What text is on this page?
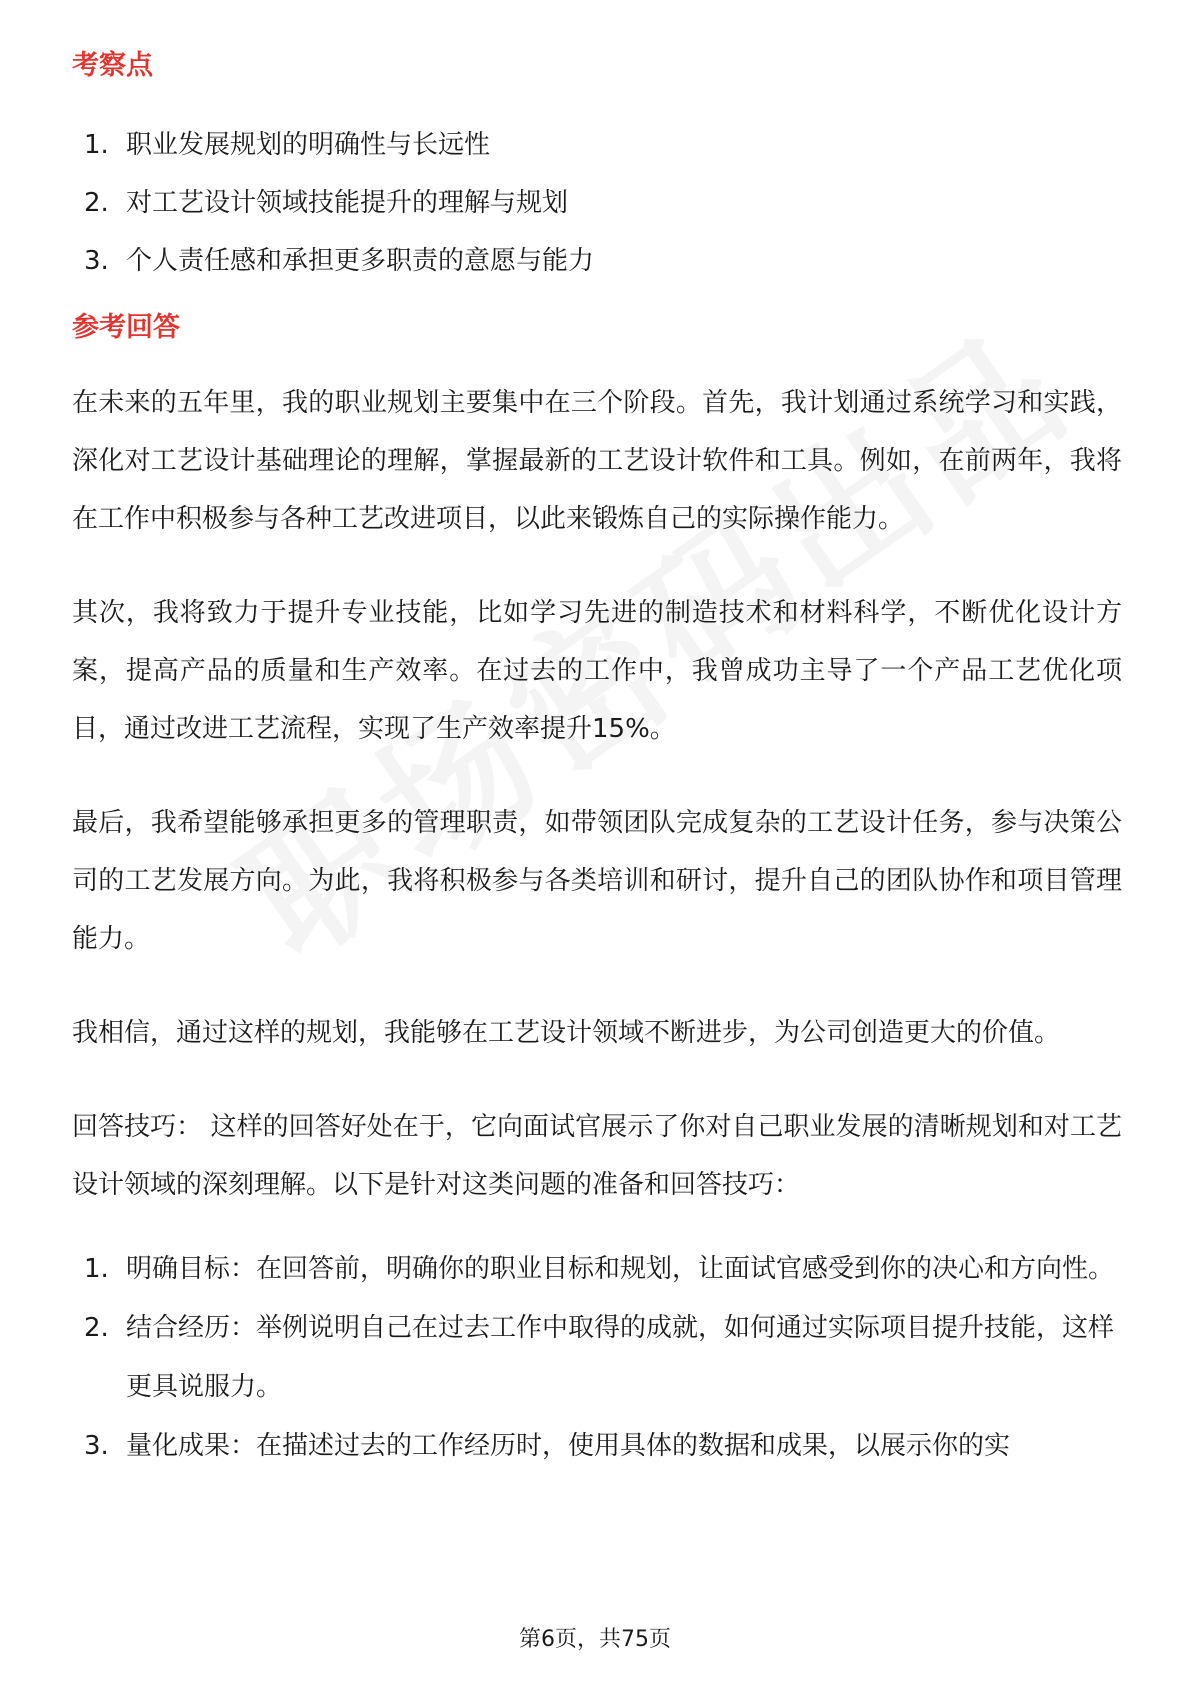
考察点
1. 职业发展规划的明确性与长远性
2. 对工艺设计领域技能提升的理解与规划
3. 个人责任感和承担更多职责的意愿与能力
参考回答

在未来的五年里，我的职业规划主要集中在三个阶段。首先，我计划通过系统学习和实践，深化对工艺设计基础理论的理解，掌握最新的工艺设计软件和工具。例如，在前两年，我将在工作中积极参与各种工艺改进项目，以此来锻炼自己的实际操作能力。

其次，我将致力于提升专业技能，比如学习先进的制造技术和材料科学，不断优化设计方案，提高产品的质量和生产效率。在过去的工作中，我曾成功主导了一个产品工艺优化项目，通过改进工艺流程，实现了生产效率提升15%。

最后，我希望能够承担更多的管理职责，如带领团队完成复杂的工艺设计任务，参与决策公司的工艺发展方向。为此，我将积极参与各类培训和研讨，提升自己的团队协作和项目管理能力。

我相信，通过这样的规划，我能够在工艺设计领域不断进步，为公司创造更大的价值。

回答技巧： 这样的回答好处在于，它向面试官展示了你对自己职业发展的清晰规划和对工艺设计领域的深刻理解。以下是针对这类问题的准备和回答技巧：

1. 明确目标：在回答前，明确你的职业目标和规划，让面试官感受到你的决心和方向性。
2. 结合经历：举例说明自己在过去工作中取得的成就，如何通过实际项目提升技能，这样更具说服力。
3. 量化成果：在描述过去的工作经历时，使用具体的数据和成果，以展示你的实
第6页，共75页
